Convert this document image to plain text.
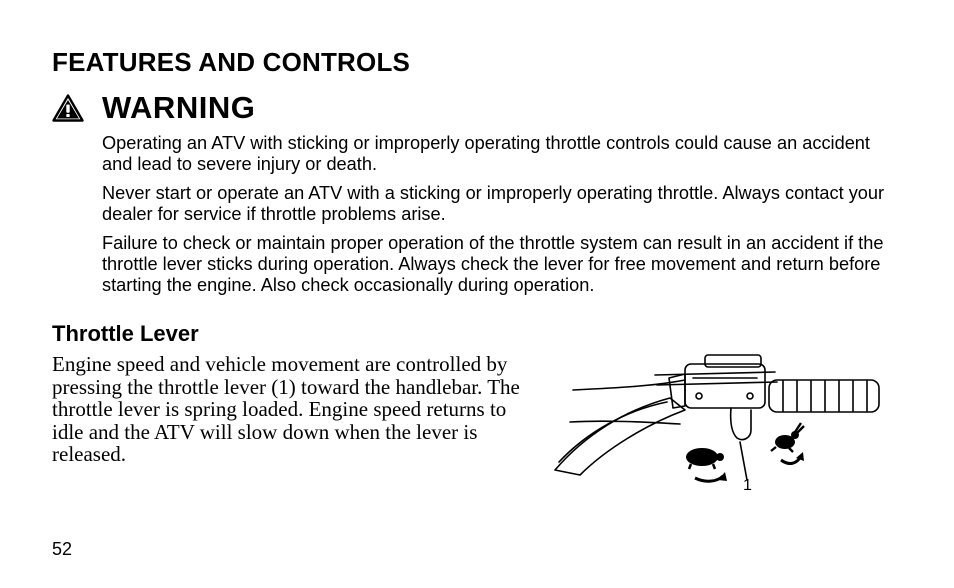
FEATURES AND CONTROLS
WARNING

Operating an ATV with sticking or improperly operating throttle controls could cause an accident and lead to severe injury or death.

Never start or operate an ATV with a sticking or improperly operating throttle. Always contact your dealer for service if throttle problems arise.

Failure to check or maintain proper operation of the throttle system can result in an accident if the throttle lever sticks during operation. Always check the lever for free movement and return before starting the engine. Also check occasionally during operation.

Throttle Lever

Engine speed and vehicle movement are controlled by pressing the throttle lever (1) toward the handlebar. The throttle lever is spring loaded. Engine speed returns to idle and the ATV will slow down when the lever is released.

1
52
